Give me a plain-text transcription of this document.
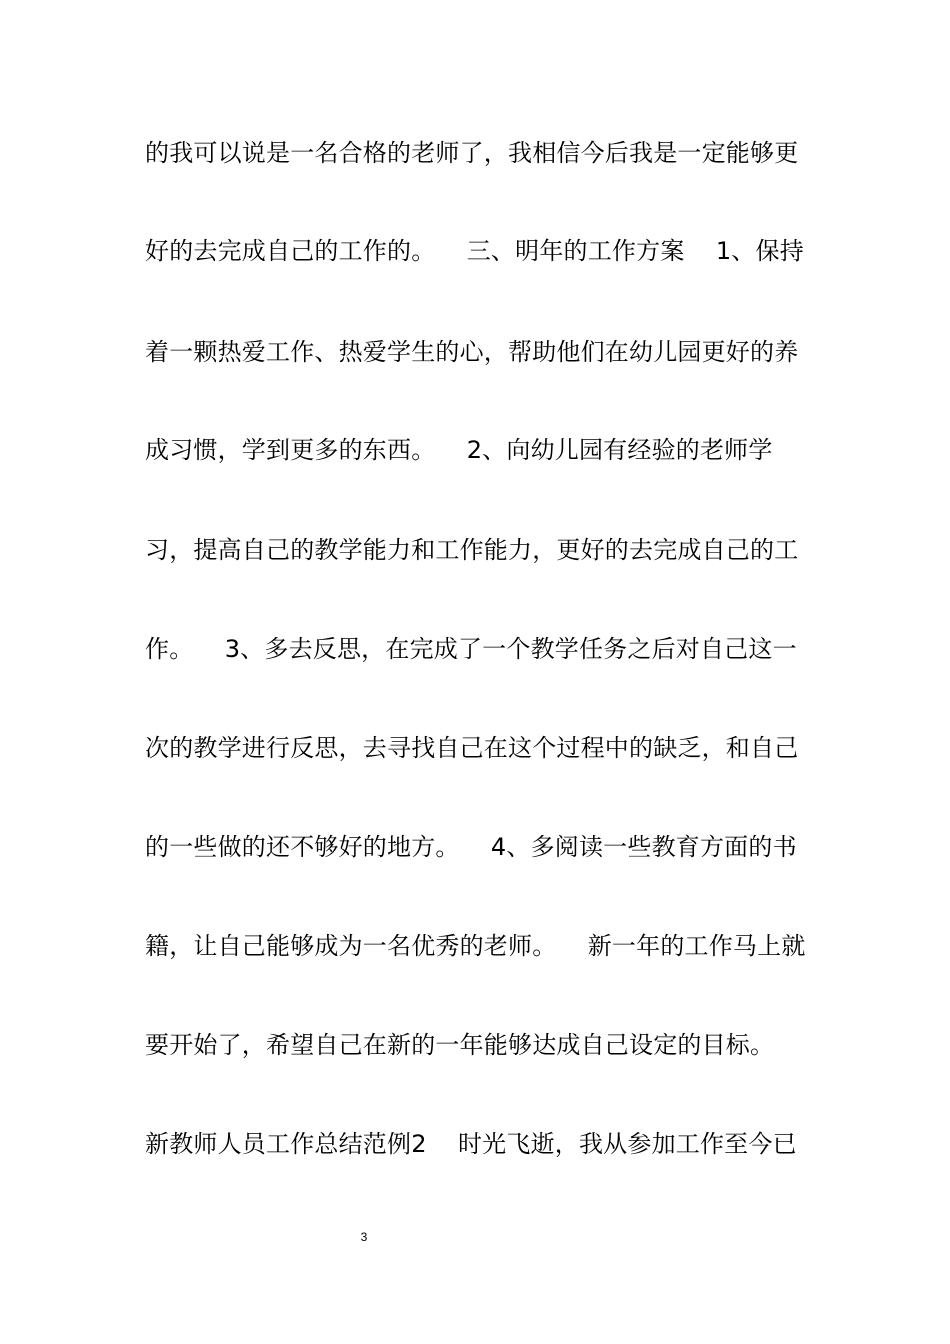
的我可以说是一名合格的老师了，我相信今后我是一定能够更
好的去完成自己的工作的。    三、明年的工作方案    1、保持
着一颗热爱工作、热爱学生的心，帮助他们在幼儿园更好的养
成习惯，学到更多的东西。    2、向幼儿园有经验的老师学
习，提高自己的教学能力和工作能力，更好的去完成自己的工
作。    3、多去反思，在完成了一个教学任务之后对自己这一
次的教学进行反思，去寻找自己在这个过程中的缺乏，和自己
的一些做的还不够好的地方。    4、多阅读一些教育方面的书
籍，让自己能够成为一名优秀的老师。    新一年的工作马上就
要开始了，希望自己在新的一年能够达成自己设定的目标。
新教师人员工作总结范例2    时光飞逝，我从参加工作至今已
3
